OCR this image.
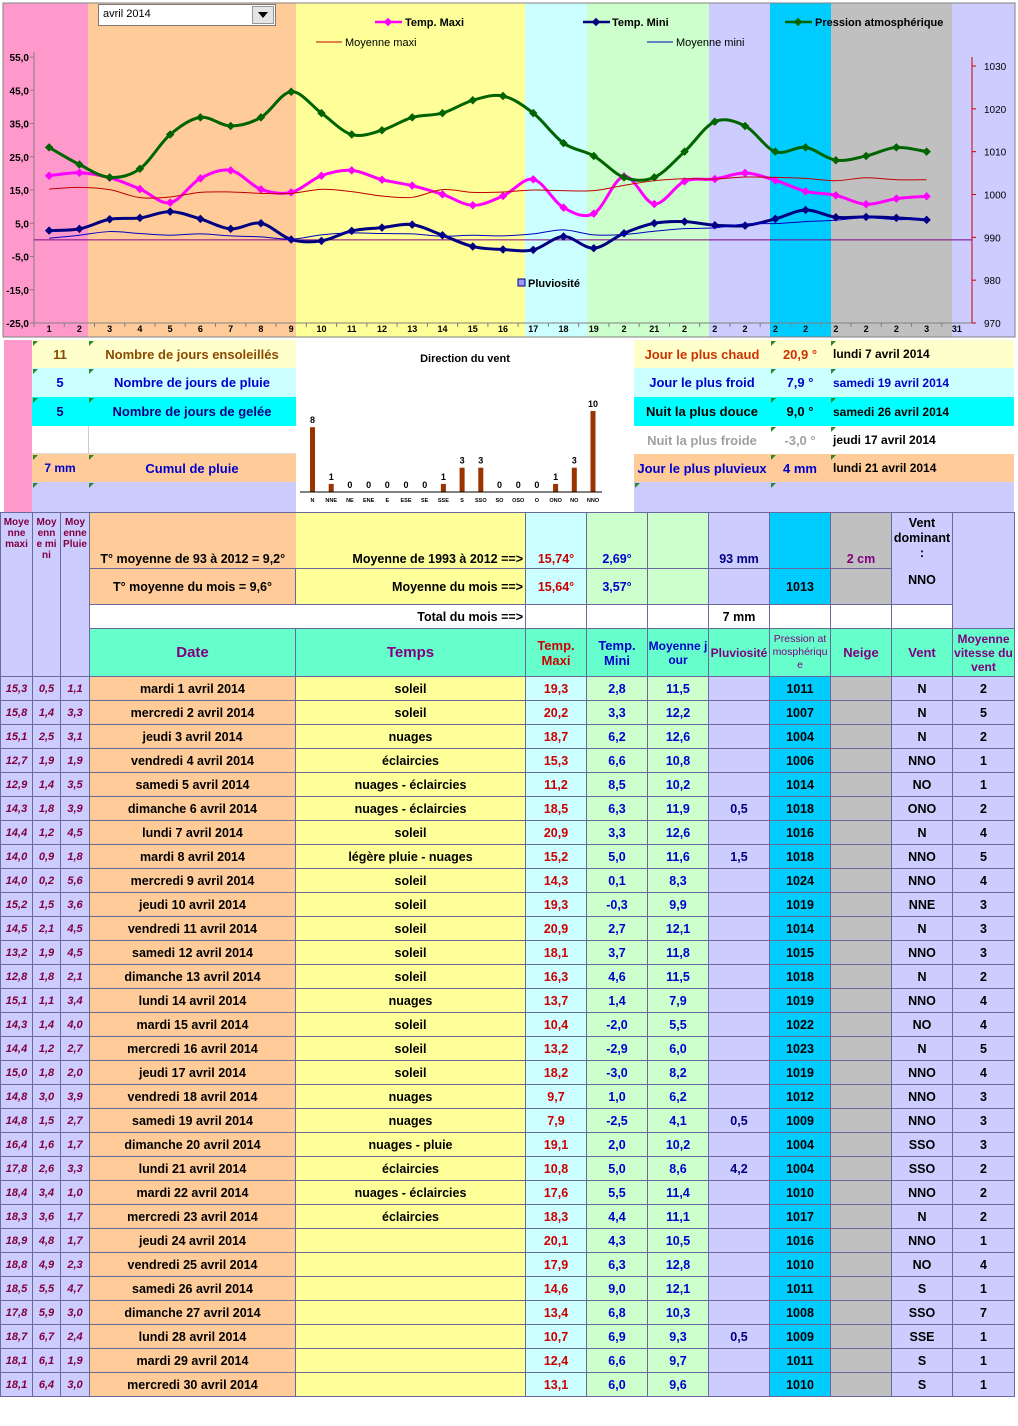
55,0
45,0
35,0
25,0
15,0
5,0
-5,0
-15,0
-25,0
1030
1020
1010
1000
990
980
970
1	2	3	4	5	6	7	8	9	10 11 12 13 14 15 16 17 18 19	2	21	2	2	2	2	2	2	2	2	3	31
Temp. Maxi	Temp. Mini	Pression atmosphérique
Moyenne maxi	Moyenne mini
Pluviosité
avril 2014
11	Nombre de jours ensoleillés
5	Nombre de jours de pluie
5	Nombre de jours de gelée
7 mm	Cumul de pluie
Direction du vent
8
N
1
NNE
0
NE
0
ENE
0
E
0
ESE
0
SE
1
SSE
3
S
3
SSO
0
SO
0
OSO
0
O
1
ONO
3
NO
10
NNO
Jour le plus chaud	20,9 °	lundi 7 avril 2014
Jour le plus froid	7,9 °	samedi 19 avril 2014
Nuit la plus douce	9,0 °	samedi 26 avril 2014
Nuit la plus froide	-3,0 °	jeudi 17 avril 2014
Jour le plus pluvieux	4 mm	lundi 21 avril 2014
Moyenne maxi	Moyenne mini	Moyenne Pluie	T° moyenne de 93 à 2012 = 9,2°	Moyenne de 1993 à 2012 ==>	15,74°	2,69°		93 mm		2 cm	Vent dominant :
NNO	

			T° moyenne du mois = 9,6°	Moyenne du mois ==>	15,64°	3,57°			1013			
				Total du mois ==>				7 mm				
			Date	Temps	Temp. Maxi	Temp. Mini	Moyenne jour	Pluviosité	Pression atmosphérique	Neige	Vent	Moyenne vitesse du vent
15,3	0,5	1,1	mardi 1 avril 2014	soleil	19,3	2,8	11,5		1011		N	2
15,8	1,4	3,3	mercredi 2 avril 2014	soleil	20,2	3,3	12,2		1007		N	5
15,1	2,5	3,1	jeudi 3 avril 2014	nuages	18,7	6,2	12,6		1004		N	2
12,7	1,9	1,9	vendredi 4 avril 2014	éclaircies	15,3	6,6	10,8		1006		NNO	1
12,9	1,4	3,5	samedi 5 avril 2014	nuages - éclaircies	11,2	8,5	10,2		1014		NO	1
14,3	1,8	3,9	dimanche 6 avril 2014	nuages - éclaircies	18,5	6,3	11,9	0,5	1018		ONO	2
14,4	1,2	4,5	lundi 7 avril 2014	soleil	20,9	3,3	12,6		1016		N	4
14,0	0,9	1,8	mardi 8 avril 2014	légère pluie - nuages	15,2	5,0	11,6	1,5	1018		NNO	5
14,0	0,2	5,6	mercredi 9 avril 2014	soleil	14,3	0,1	8,3		1024		NNO	4
15,2	1,5	3,6	jeudi 10 avril 2014	soleil	19,3	-0,3	9,9		1019		NNE	3
14,5	2,1	4,5	vendredi 11 avril 2014	soleil	20,9	2,7	12,1		1014		N	3
13,2	1,9	4,5	samedi 12 avril 2014	soleil	18,1	3,7	11,8		1015		NNO	3
12,8	1,8	2,1	dimanche 13 avril 2014	soleil	16,3	4,6	11,5		1018		N	2
15,1	1,1	3,4	lundi 14 avril 2014	nuages	13,7	1,4	7,9		1019		NNO	4
14,3	1,4	4,0	mardi 15 avril 2014	soleil	10,4	-2,0	5,5		1022		NO	4
14,4	1,2	2,7	mercredi 16 avril 2014	soleil	13,2	-2,9	6,0		1023		N	5
15,0	1,8	2,0	jeudi 17 avril 2014	soleil	18,2	-3,0	8,2		1019		NNO	4
14,8	3,0	3,9	vendredi 18 avril 2014	nuages	9,7	1,0	6,2		1012		NNO	3
14,8	1,5	2,7	samedi 19 avril 2014	nuages	7,9	-2,5	4,1	0,5	1009		NNO	3
16,4	1,6	1,7	dimanche 20 avril 2014	nuages - pluie	19,1	2,0	10,2		1004		SSO	3
17,8	2,6	3,3	lundi 21 avril 2014	éclaircies	10,8	5,0	8,6	4,2	1004		SSO	2
18,4	3,4	1,0	mardi 22 avril 2014	nuages - éclaircies	17,6	5,5	11,4		1010		NNO	2
18,3	3,6	1,7	mercredi 23 avril 2014	éclaircies	18,3	4,4	11,1		1017		N	2
18,9	4,8	1,7	jeudi 24 avril 2014		20,1	4,3	10,5		1016		NNO	1
18,8	4,9	2,3	vendredi 25 avril 2014		17,9	6,3	12,8		1010		NO	4
18,5	5,5	4,7	samedi 26 avril 2014		14,6	9,0	12,1		1011		S	1
17,8	5,9	3,0	dimanche 27 avril 2014		13,4	6,8	10,3		1008		SSO	7
18,7	6,7	2,4	lundi 28 avril 2014		10,7	6,9	9,3	0,5	1009		SSE	1
18,1	6,1	1,9	mardi 29 avril 2014		12,4	6,6	9,7		1011		S	1
18,1	6,4	3,0	mercredi 30 avril 2014		13,1	6,0	9,6		1010		S	1
